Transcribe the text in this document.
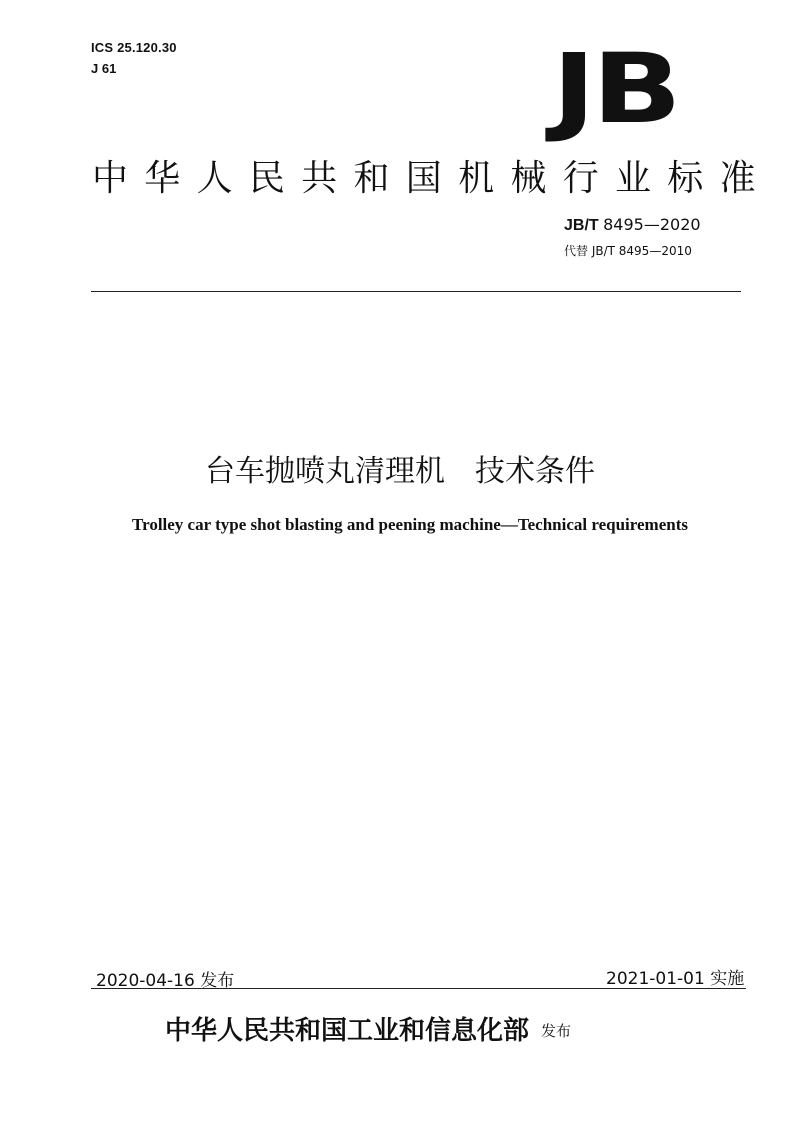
ICS 25.120.30
J 61	JB
中华人民共和国机械行业标准
JB/T 8495—2020
代替 JB/T 8495—2010
台车抛喷丸清理机 技术条件
Trolley car type shot blasting and peening machine—Technical requirements
2020-04-16 发布	2021-01-01 实施
中华人民共和国工业和信息化部 发布
